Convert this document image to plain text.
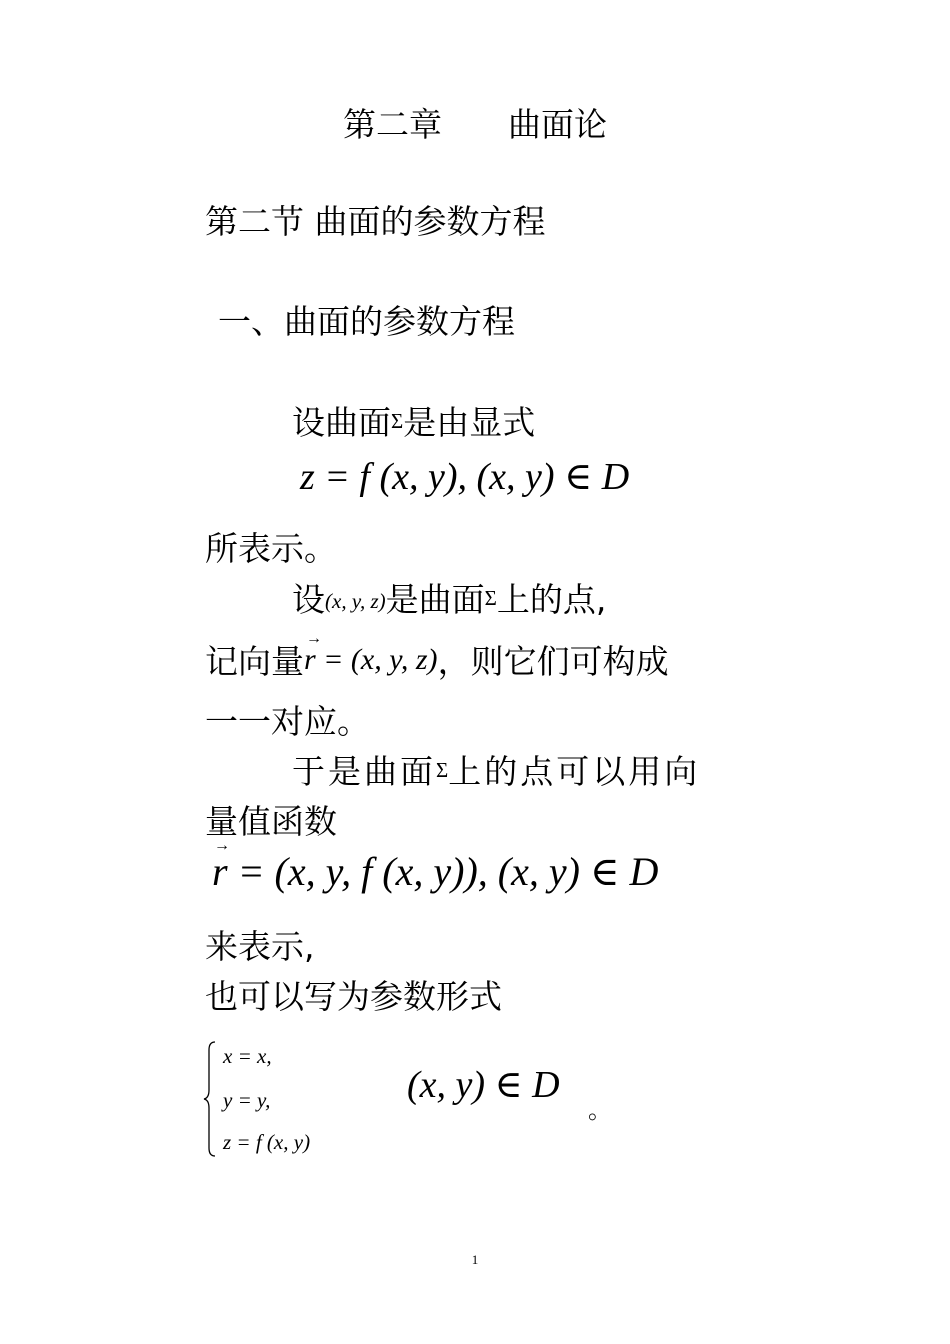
第二章　　曲面论
第二节 曲面的参数方程
一、曲面的参数方程
设曲面Σ是由显式
z = f (x, y), (x, y) ∈ D
所表示。
设(x, y, z)是曲面Σ上的点,
记向量→ r = (x, y, z)，则它们可构成
一一对应。
于是曲面Σ上的点可以用向
量值函数
→ r = (x, y, f (x, y)), (x, y) ∈ D
来表示,
也可以写为参数形式
x = x,
y = y,
z = f (x, y)
(x, y) ∈ D
。
1
